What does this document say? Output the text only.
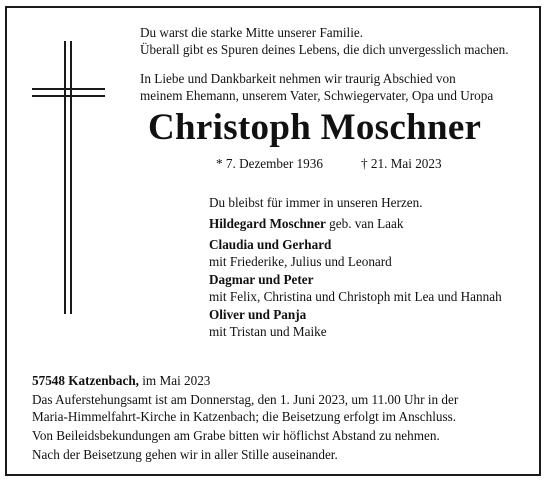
Du warst die starke Mitte unserer Familie.
Überall gibt es Spuren deines Lebens, die dich unvergesslich machen.
In Liebe und Dankbarkeit nehmen wir traurig Abschied von
meinem Ehemann, unserem Vater, Schwiegervater, Opa und Uropa
Christoph Moschner
* 7. Dezember 1936	† 21. Mai 2023
Du bleibst für immer in unseren Herzen.
Hildegard Moschner geb. van Laak
Claudia und Gerhard
mit Friederike, Julius und Leonard
Dagmar und Peter
mit Felix, Christina und Christoph mit Lea und Hannah
Oliver und Panja
mit Tristan und Maike
57548 Katzenbach, im Mai 2023
Das Auferstehungsamt ist am Donnerstag, den 1. Juni 2023, um 11.00 Uhr in der
Maria-Himmelfahrt-Kirche in Katzenbach; die Beisetzung erfolgt im Anschluss.
Von Beileidsbekundungen am Grabe bitten wir höflichst Abstand zu nehmen.
Nach der Beisetzung gehen wir in aller Stille auseinander.
